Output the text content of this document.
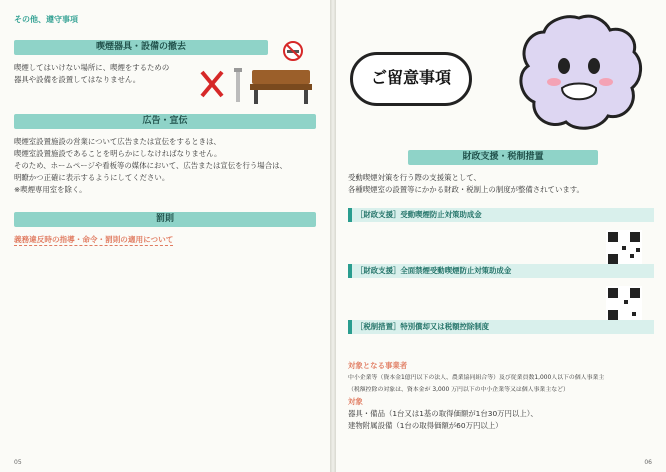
その他、遵守事項
喫煙器具・設備の撤去
喫煙してはいけない場所に、喫煙をするための
器具や設備を設置してはなりません。
広告・宣伝
喫煙室設置施設の営業について広告または宣伝をするときは、
喫煙室設置施設であることを明らかにしなければなりません。
そのため、ホームページや看板等の媒体において、広告または宣伝を行う場合は、
明瞭かつ正確に表示するようにしてください。
※喫煙専用室を除く。
罰則
義務違反時の指導・命令・罰則の適用について
05
ご留意事項
財政支援・税制措置
受動喫煙対策を行う際の支援策として、
各種喫煙室の設置等にかかる財政・税制上の制度が整備されています。
［財政支援］受動喫煙防止対策助成金
［財政支援］全面禁煙受動喫煙防止対策助成金
［税制措置］特別償却又は税額控除制度
対象となる事業者
中小企業等（資本金1億円以下の法人、農業協同組合等）及び従業員数1,000人以下の個人事業主
（税額控除の対象は、資本金が 3,000 万円以下の中小企業等又は個人事業主など）
対象
器具・備品（1台又は1基の取得価額が1台30万円以上）、
建物附属設備（1台の取得価額が60万円以上）
06
